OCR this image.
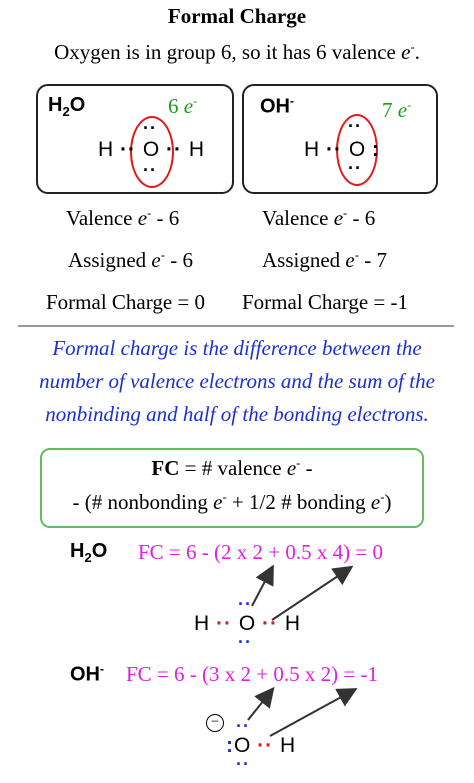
Formal Charge
Oxygen is in group 6, so it has 6 valence e-.
$H_2O$	6 e-
H ·· O ·· H
··
··
OH-	7 e-
H ·· O :
··
··
Valence e- - 6
Assigned e- - 6
Formal Charge = 0
Valence e- - 6
Assigned e- - 7
Formal Charge = -1
Formal charge is the difference between the
number of valence electrons and the sum of the
nonbinding and half of the bonding electrons.
FC = # valence e- -
- (# nonbonding e- + 1/2 # bonding e-)
$H_2O$ FC = 6 - (2 x 2 + 0.5 x 4) = 0
H ·· O ·· H
··
··
OH- FC = 6 - (3 x 2 + 0.5 x 2) = -1
−
:O ·· H
··
··
